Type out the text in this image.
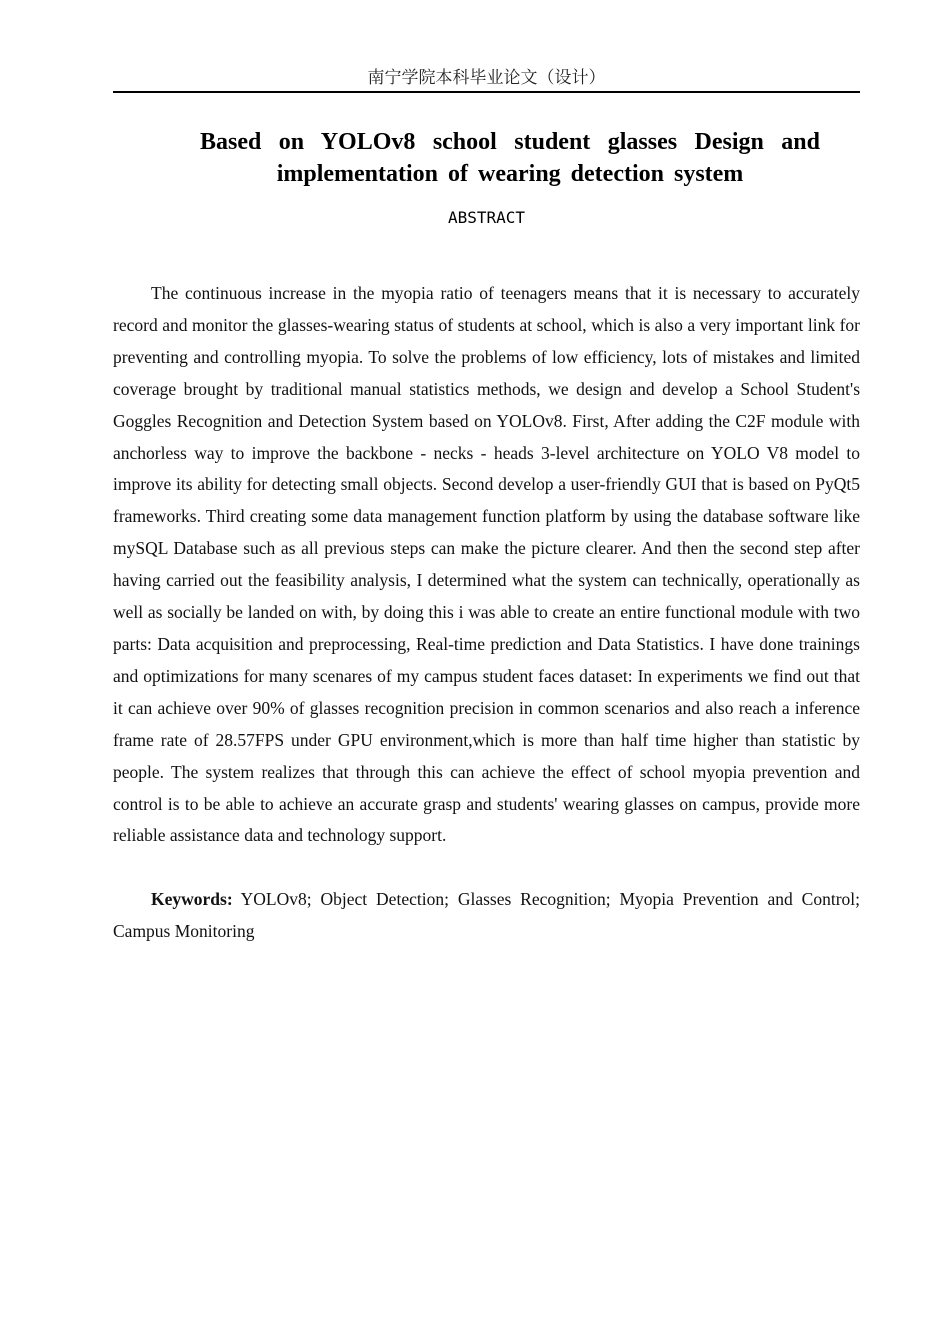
南宁学院本科毕业论文（设计）
Based on YOLOv8 school student glasses Design and implementation of wearing detection system
ABSTRACT

The continuous increase in the myopia ratio of teenagers means that it is necessary to accurately record and monitor the glasses-wearing status of students at school, which is also a very important link for preventing and controlling myopia. To solve the problems of low efficiency, lots of mistakes and limited coverage brought by traditional manual statistics methods, we design and develop a School Student's Goggles Recognition and Detection System based on YOLOv8. First, After adding the C2F module with anchorless way to improve the backbone - necks - heads 3-level architecture on YOLO V8 model to improve its ability for detecting small objects. Second develop a user-friendly GUI that is based on PyQt5 frameworks. Third creating some data management function platform by using the database software like mySQL Database such as all previous steps can make the picture clearer. And then the second step after having carried out the feasibility analysis, I determined what the system can technically, operationally as well as socially be landed on with, by doing this i was able to create an entire functional module with two parts: Data acquisition and preprocessing, Real-time prediction and Data Statistics. I have done trainings and optimizations for many scenares of my campus student faces dataset: In experiments we find out that it can achieve over 90% of glasses recognition precision in common scenarios and also reach a inference frame rate of 28.57FPS under GPU environment,which is more than half time higher than statistic by people. The system realizes that through this can achieve the effect of school myopia prevention and control is to be able to achieve an accurate grasp and students' wearing glasses on campus, provide more reliable assistance data and technology support.

Keywords: YOLOv8; Object Detection; Glasses Recognition; Myopia Prevention and Control; Campus Monitoring
